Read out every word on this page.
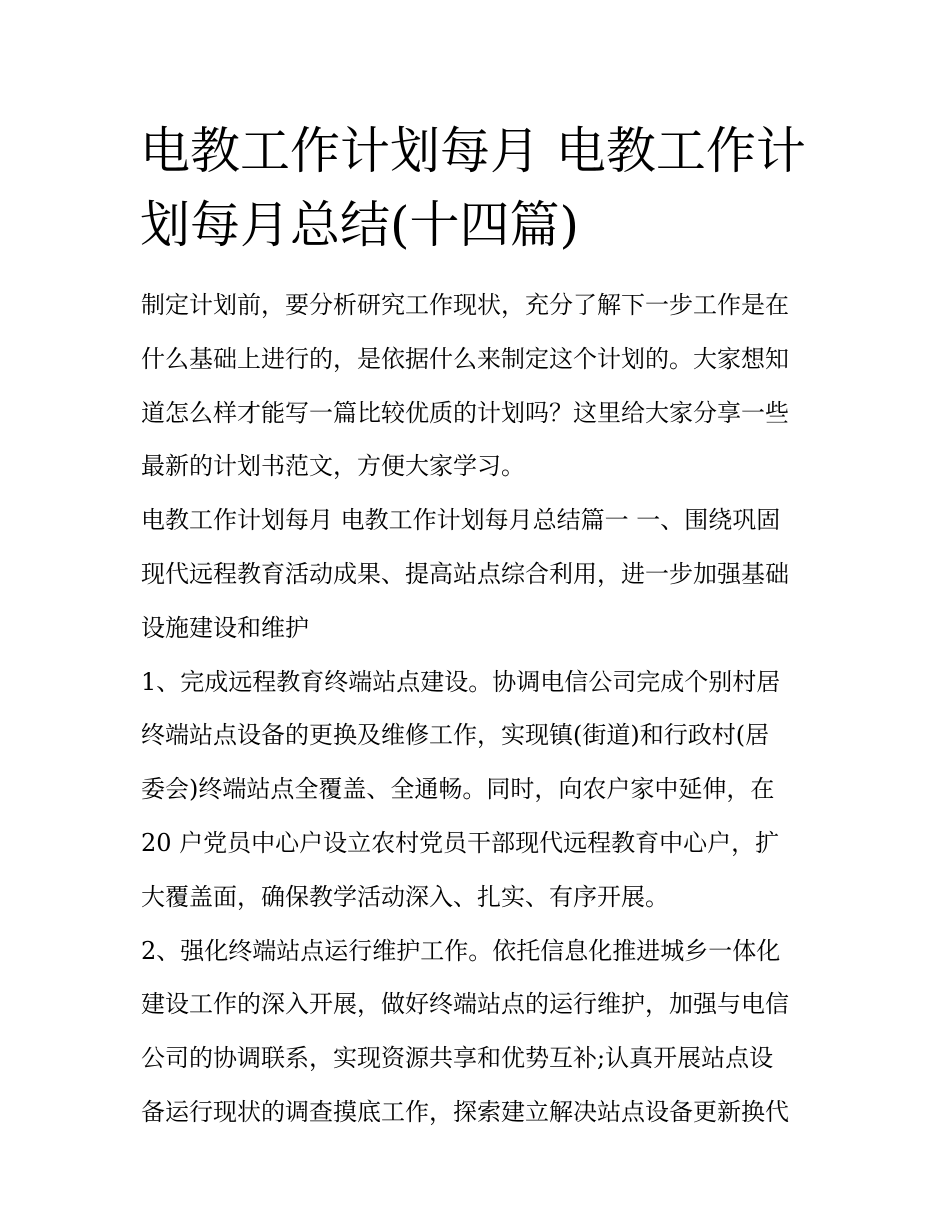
电教工作计划每月 电教工作计
划每月总结(十四篇)
制定计划前，要分析研究工作现状，充分了解下一步工作是在
什么基础上进行的，是依据什么来制定这个计划的。大家想知
道怎么样才能写一篇比较优质的计划吗？这里给大家分享一些
最新的计划书范文，方便大家学习。
电教工作计划每月 电教工作计划每月总结篇一 一、围绕巩固
现代远程教育活动成果、提高站点综合利用，进一步加强基础
设施建设和维护
1、完成远程教育终端站点建设。协调电信公司完成个别村居
终端站点设备的更换及维修工作，实现镇(街道)和行政村(居
委会)终端站点全覆盖、全通畅。同时，向农户家中延伸，在
20 户党员中心户设立农村党员干部现代远程教育中心户，扩
大覆盖面，确保教学活动深入、扎实、有序开展。
2、强化终端站点运行维护工作。依托信息化推进城乡一体化
建设工作的深入开展，做好终端站点的运行维护，加强与电信
公司的协调联系，实现资源共享和优势互补;认真开展站点设
备运行现状的调查摸底工作，探索建立解决站点设备更新换代
